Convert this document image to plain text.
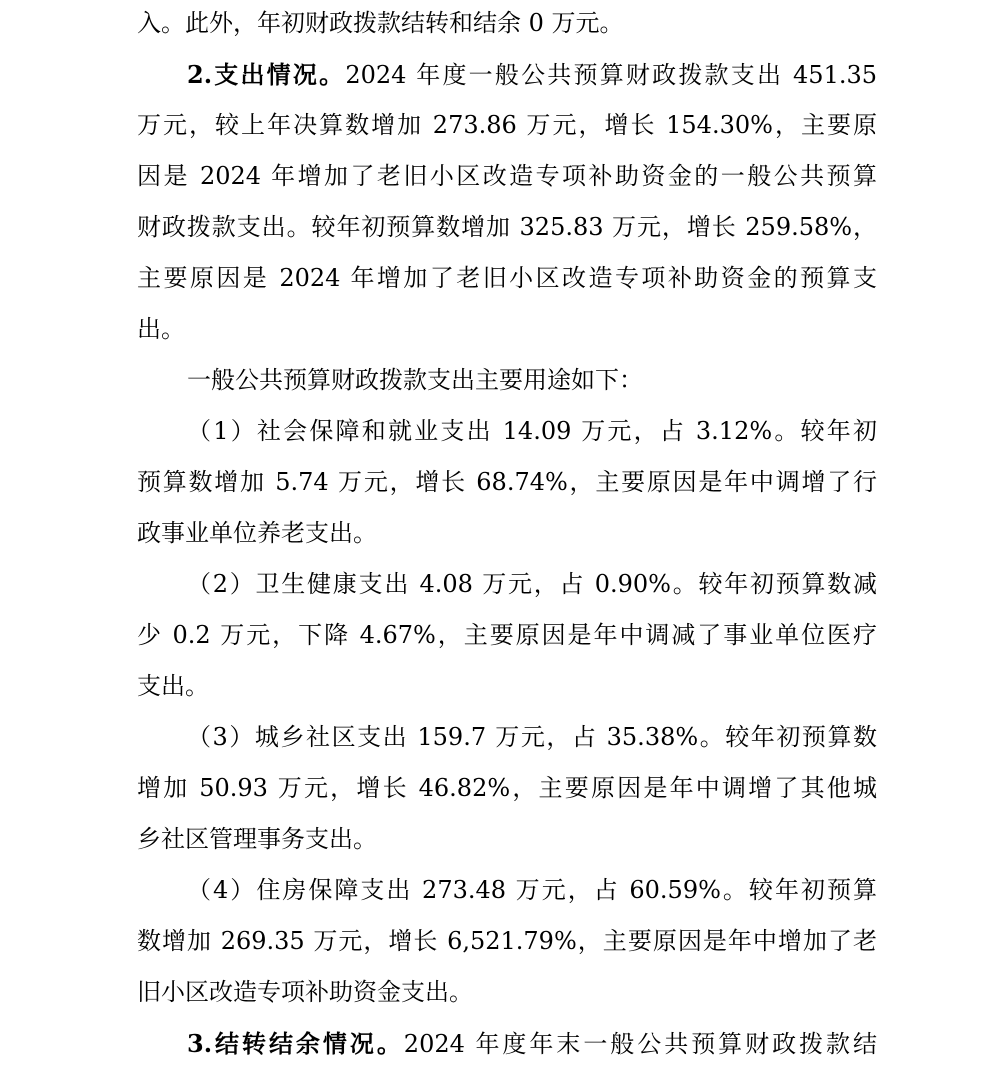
入。此外，年初财政拨款结转和结余 0 万元。
2.支出情况。2024 年度一般公共预算财政拨款支出 451.35
万元，较上年决算数增加 273.86 万元，增长 154.30%，主要原
因是 2024 年增加了老旧小区改造专项补助资金的一般公共预算
财政拨款支出。较年初预算数增加 325.83 万元，增长 259.58%，
主要原因是 2024 年增加了老旧小区改造专项补助资金的预算支
出。
一般公共预算财政拨款支出主要用途如下：
（1）社会保障和就业支出 14.09 万元，占 3.12%。较年初
预算数增加 5.74 万元，增长 68.74%，主要原因是年中调增了行
政事业单位养老支出。
（2）卫生健康支出 4.08 万元，占 0.90%。较年初预算数减
少 0.2 万元，下降 4.67%，主要原因是年中调减了事业单位医疗
支出。
（3）城乡社区支出 159.7 万元，占 35.38%。较年初预算数
增加 50.93 万元，增长 46.82%，主要原因是年中调增了其他城
乡社区管理事务支出。
（4）住房保障支出 273.48 万元，占 60.59%。较年初预算
数增加 269.35 万元，增长 6,521.79%，主要原因是年中增加了老
旧小区改造专项补助资金支出。
3.结转结余情况。2024 年度年末一般公共预算财政拨款结
